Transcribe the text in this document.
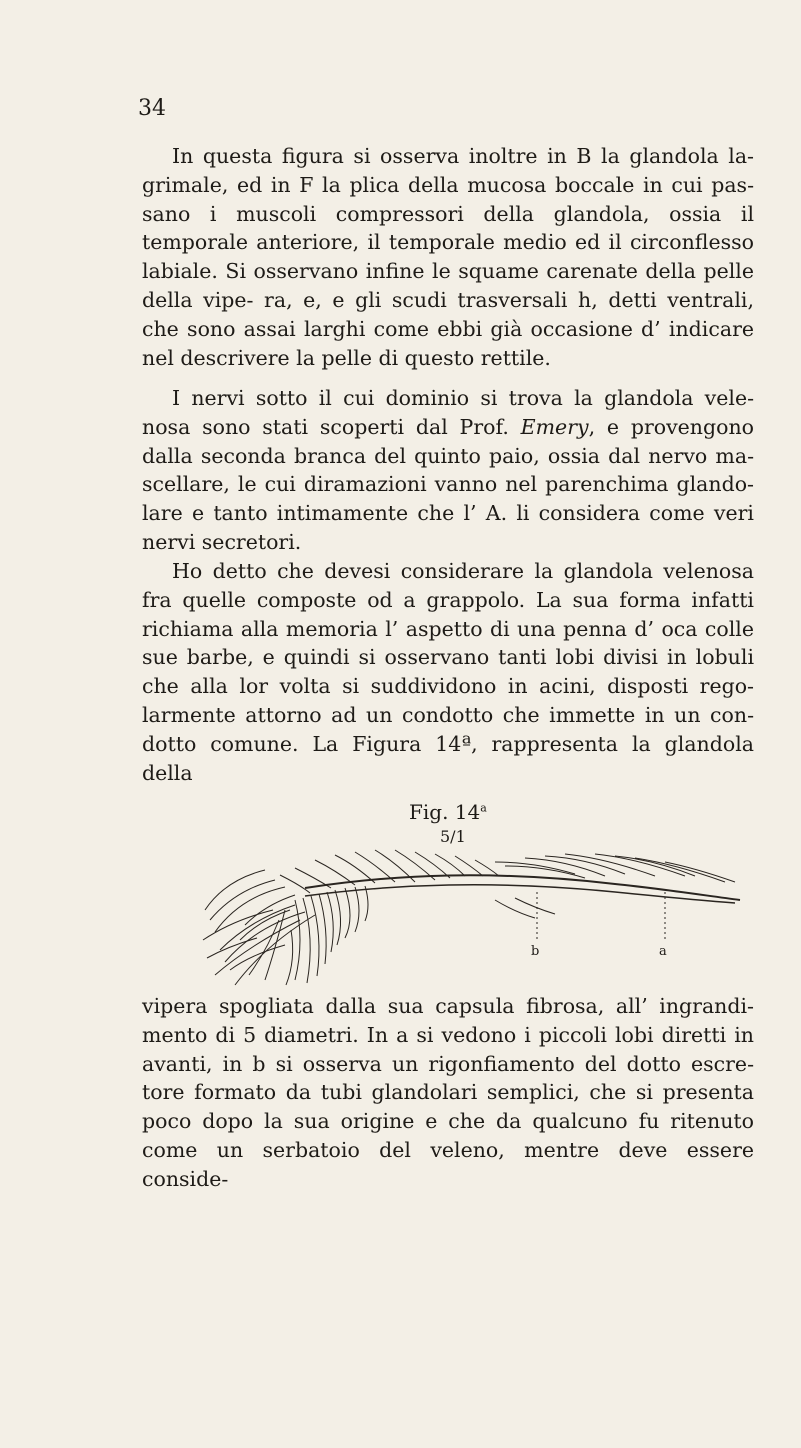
34

In questa figura si osserva inoltre in B la glandola la- grimale, ed in F la plica della mucosa boccale in cui pas- sano i muscoli compressori della glandola, ossia il temporale anteriore, il temporale medio ed il circonflesso labiale. Si osservano infine le squame carenate della pelle della vipe- ra, e, e gli scudi trasversali h, detti ventrali, che sono assai larghi come ebbi già occasione d’ indicare nel descrivere la pelle di questo rettile.

I nervi sotto il cui dominio si trova la glandola vele- nosa sono stati scoperti dal Prof. Emery, e provengono dalla seconda branca del quinto paio, ossia dal nervo ma- scellare, le cui diramazioni vanno nel parenchima glando- lare e tanto intimamente che l’ A. li considera come veri nervi secretori.

Ho detto che devesi considerare la glandola velenosa fra quelle composte od a grappolo. La sua forma infatti richiama alla memoria l’ aspetto di una penna d’ oca colle sue barbe, e quindi si osservano tanti lobi divisi in lobuli che alla lor volta si suddividono in acini, disposti rego- larmente attorno ad un condotto che immette in un con- dotto comune. La Figura 14ª, rappresenta la glandola della

Fig. 14$^a$
5/1
b	a

vipera spogliata dalla sua capsula fibrosa, all’ ingrandi- mento di 5 diametri. In a si vedono i piccoli lobi diretti in avanti, in b si osserva un rigonfiamento del dotto escre- tore formato da tubi glandolari semplici, che si presenta poco dopo la sua origine e che da qualcuno fu ritenuto come un serbatoio del veleno, mentre deve essere conside-
